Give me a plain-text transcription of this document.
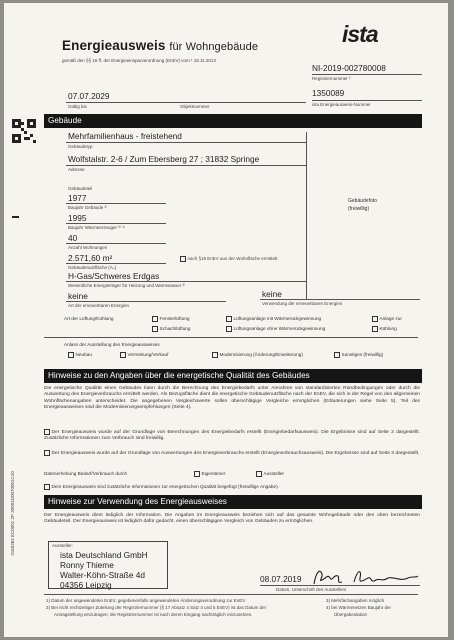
Energieausweis für Wohngebäude
gemäß den §§ 16 ff. der Energieeinsparverordnung (EnEV) vom ¹ 18.11.2013
ista
NI-2019-002780008
Registriernummer ²
07.07.2029
Gültig bis	Objektnummer
1350089
ista Energieausweis-Nummer
Gebäude
Mehrfamilienhaus - freistehend
Gebäudetyp
Wolfstalstr. 2-6 / Zum Ebersberg 27 ; 31832 Springe
Adresse
Gebäudeteil
1977
Baujahr Gebäude ³⁾
1995
Baujahr Wärmeerzeuger ³⁾ ⁴⁾
40
Anzahl Wohnungen
2.571,60 m²
Gebäudenutzfläche (Aₙ)
nach §19 EnEV aus der Wohnfläche ermittelt
H-Gas/Schweres Erdgas
Wesentliche Energieträger für Heizung und Warmwasser ³⁾
keine
Art der erneuerbaren Energien
keine
Verwendung der erneuerbaren Energien
Gebäudefoto
(freiwillig)
Art der Lüftung/Kühlung	Fensterlüftung
Schachtlüftung
Lüftungsanlage mit Wärmerückgewinnung
Lüftungsanlage ohne Wärmerückgewinnung
Anlage zur
Kühlung
Anlass der Ausstellung des Energieausweises
Neubau	Vermietung/Verkauf	Modernisierung (Änderung/Erweiterung)	Sonstiges (freiwillig)
Hinweise zu den Angaben über die energetische Qualität des Gebäudes
Die energetische Qualität eines Gebäudes kann durch die Berechnung des Energiebedarfs unter Annahme von standardisierten Randbedingungen oder durch die Auswertung des Energieverbrauchs ermittelt werden. Als Bezugsfläche dient die energetische Gebäudenutzfläche nach der EnEV, die sich in der Regel von den allgemeinen Wohnflächenangaben unterscheidet. Die angegebenen Vergleichswerte sollen überschlägige Vergleiche ermöglichen (Erläuterungen siehe Seite 5). Teil des Energieausweises sind die Modernisierungsempfehlungen (Seite 4).
Der Energieausweis wurde auf der Grundlage von Berechnungen des Energiebedarfs erstellt (Energiebedarfsausweis). Die Ergebnisse sind auf Seite 2 dargestellt. Zusätzliche Informationen zum Verbrauch sind freiwillig.
Der Energieausweis wurde auf der Grundlage von Auswertungen des Energieverbrauchs erstellt (Energieverbrauchsausweis). Die Ergebnisse sind auf Seite 3 dargestellt.
Datenerhebung Bedarf/Verbrauch durch	Eigentümer	Aussteller
Dem Energieausweis sind zusätzliche Informationen zur energetischen Qualität beigefügt (freiwillige Angabe).
Hinweise zur Verwendung des Energieausweises
Der Energieausweis dient lediglich der Information. Die Angaben im Energieausweis beziehen sich auf das gesamte Wohngebäude oder den oben bezeichneten Gebäudeteil. Der Energieausweis ist lediglich dafür gedacht, einen überschlägigen Vergleich von Gebäuden zu ermöglichen.
Aussteller:
ista Deutschland GmbH
Ronny Thieme
Walter-Köhn-Straße 4d
04356 Leipzig
08.07.2019
Datum, Unterschrift des Ausstellers
1) Datum der angewendeten EnEV, gegebenenfalls angewendeten Änderungsverordnung zur EnEV
2) Bei nicht rechtzeitiger Zuteilung der Registriernummer (§ 17 Absatz 4 Satz 4 und 5 EnEV) ist das Datum der
Antragstellung einzutragen; die Registriernummer ist nach deren Eingang nachträglich einzusetzen.
3) Mehrfachangaben möglich
4) bei Wärmenetzen Baujahr der
Übergabestation
3160384 EC0001 2P 30004D0070001C10
